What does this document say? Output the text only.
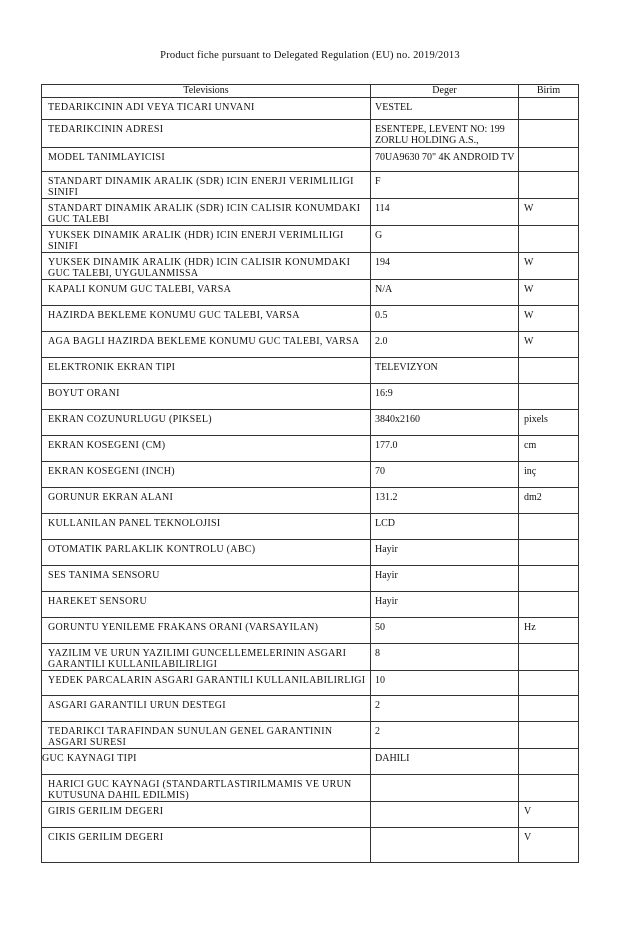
Product fiche pursuant to Delegated Regulation (EU) no. 2019/2013
Televisions	Deger	Birim

TEDARIKCININ ADI VEYA TICARI UNVANI	VESTEL	

TEDARIKCININ ADRESI	ESENTEPE, LEVENT NO: 199 ZORLU HOLDING A.S.,	

MODEL TANIMLAYICISI	70UA9630 70" 4K ANDROID TV	

STANDART DINAMIK ARALIK (SDR) ICIN ENERJI VERIMLILIGI SINIFI	F	

STANDART DINAMIK ARALIK (SDR) ICIN CALISIR KONUMDAKI GUC TALEBI	114	W

YUKSEK DINAMIK ARALIK (HDR) ICIN ENERJI VERIMLILIGI SINIFI	G	

YUKSEK DINAMIK ARALIK (HDR) ICIN CALISIR KONUMDAKI GUC TALEBI, UYGULANMISSA	194	W

KAPALI KONUM GUC TALEBI, VARSA	N/A	W

HAZIRDA BEKLEME KONUMU GUC TALEBI, VARSA	0.5	W

AGA BAGLI HAZIRDA BEKLEME KONUMU GUC TALEBI, VARSA	2.0	W

ELEKTRONIK EKRAN TIPI	TELEVIZYON	

BOYUT ORANI	16:9	

EKRAN COZUNURLUGU (PIKSEL)	3840x2160	pixels

EKRAN KOSEGENI (CM)	177.0	cm

EKRAN KOSEGENI (INCH)	70	inç

GORUNUR EKRAN ALANI	131.2	dm2

KULLANILAN PANEL TEKNOLOJISI	LCD	

OTOMATIK PARLAKLIK KONTROLU (ABC)	Hayir	

SES TANIMA SENSORU	Hayir	

HAREKET SENSORU	Hayir	

GORUNTU YENILEME FRAKANS ORANI (VARSAYILAN)	50	Hz

YAZILIM VE URUN YAZILIMI GUNCELLEMELERININ ASGARI GARANTILI KULLANILABILIRLIGI	8	

YEDEK PARCALARIN ASGARI GARANTILI KULLANILABILIRLIGI	10	

ASGARI GARANTILI URUN DESTEGI	2	

TEDARIKCI TARAFINDAN SUNULAN GENEL GARANTININ ASGARI SURESI	2	

GUC KAYNAGI TIPI	DAHILI	

HARICI GUC KAYNAGI (STANDARTLASTIRILMAMIS VE URUN KUTUSUNA DAHIL EDILMIS)		

GIRIS GERILIM DEGERI		V

CIKIS GERILIM DEGERI		V
